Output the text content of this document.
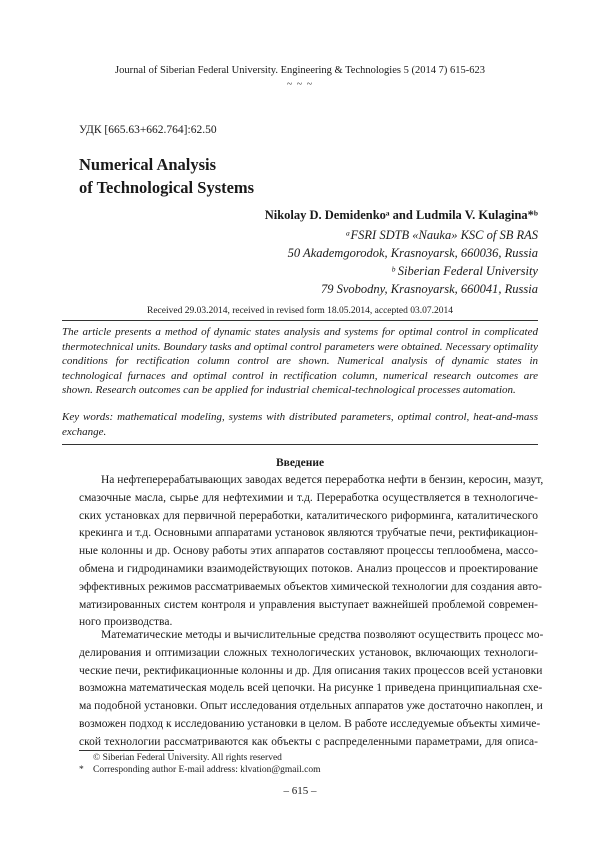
Journal of Siberian Federal University. Engineering & Technologies 5 (2014 7) 615-623
~ ~ ~
УДК [665.63+662.764]:62.50
Numerical Analysis
of Technological Systems
Nikolay D. Demidenkoᵃ and Ludmila V. Kulagina*ᵇ
ᵃFSRI SDTB «Nauka» KSC of SB RAS
50 Akademgorodok, Krasnoyarsk, 660036, Russia
ᵇ Siberian Federal University
79 Svobodny, Krasnoyarsk, 660041, Russia
Received 29.03.2014, received in revised form 18.05.2014, accepted 03.07.2014
The article presents a method of dynamic states analysis and systems for optimal control in complicated thermotechnical units. Boundary tasks and optimal control parameters were obtained. Necessary optimality conditions for rectification column control are shown. Numerical analysis of dynamic states in technological furnaces and optimal control in rectification column, numerical research outcomes are shown. Research outcomes can be applied for industrial chemical-technological processes automation.
Key words: mathematical modeling, systems with distributed parameters, optimal control, heat-and-mass exchange.
Введение
На нефтеперерабатывающих заводах ведется переработка нефти в бензин, керосин, мазут,
смазочные масла, сырье для нефтехимии и т.д. Переработка осуществляется в технологиче-
ских установках для первичной переработки, каталитического риформинга, каталитического
крекинга и т.д. Основными аппаратами установок являются трубчатые печи, ректификацион-
ные колонны и др. Основу работы этих аппаратов составляют процессы теплообмена, массо-
обмена и гидродинамики взаимодействующих потоков. Анализ процессов и проектирование
эффективных режимов рассматриваемых объектов химической технологии для создания авто-
матизированных систем контроля и управления выступает важнейшей проблемой современ-
ного производства.
Математические методы и вычислительные средства позволяют осуществить процесс мо-
делирования и оптимизации сложных технологических установок, включающих технологи-
ческие печи, ректификационные колонны и др. Для описания таких процессов всей установки
возможна математическая модель всей цепочки. На рисунке 1 приведена принципиальная схе-
ма подобной установки. Опыт исследования отдельных аппаратов уже достаточно накоплен, и
возможен подход к исследованию установки в целом. В работе исследуемые объекты химиче-
ской технологии рассматриваются как объекты с распределенными параметрами, для описа-
© Siberian Federal University. All rights reserved
* Corresponding author E-mail address: klvation@gmail.com
– 615 –
